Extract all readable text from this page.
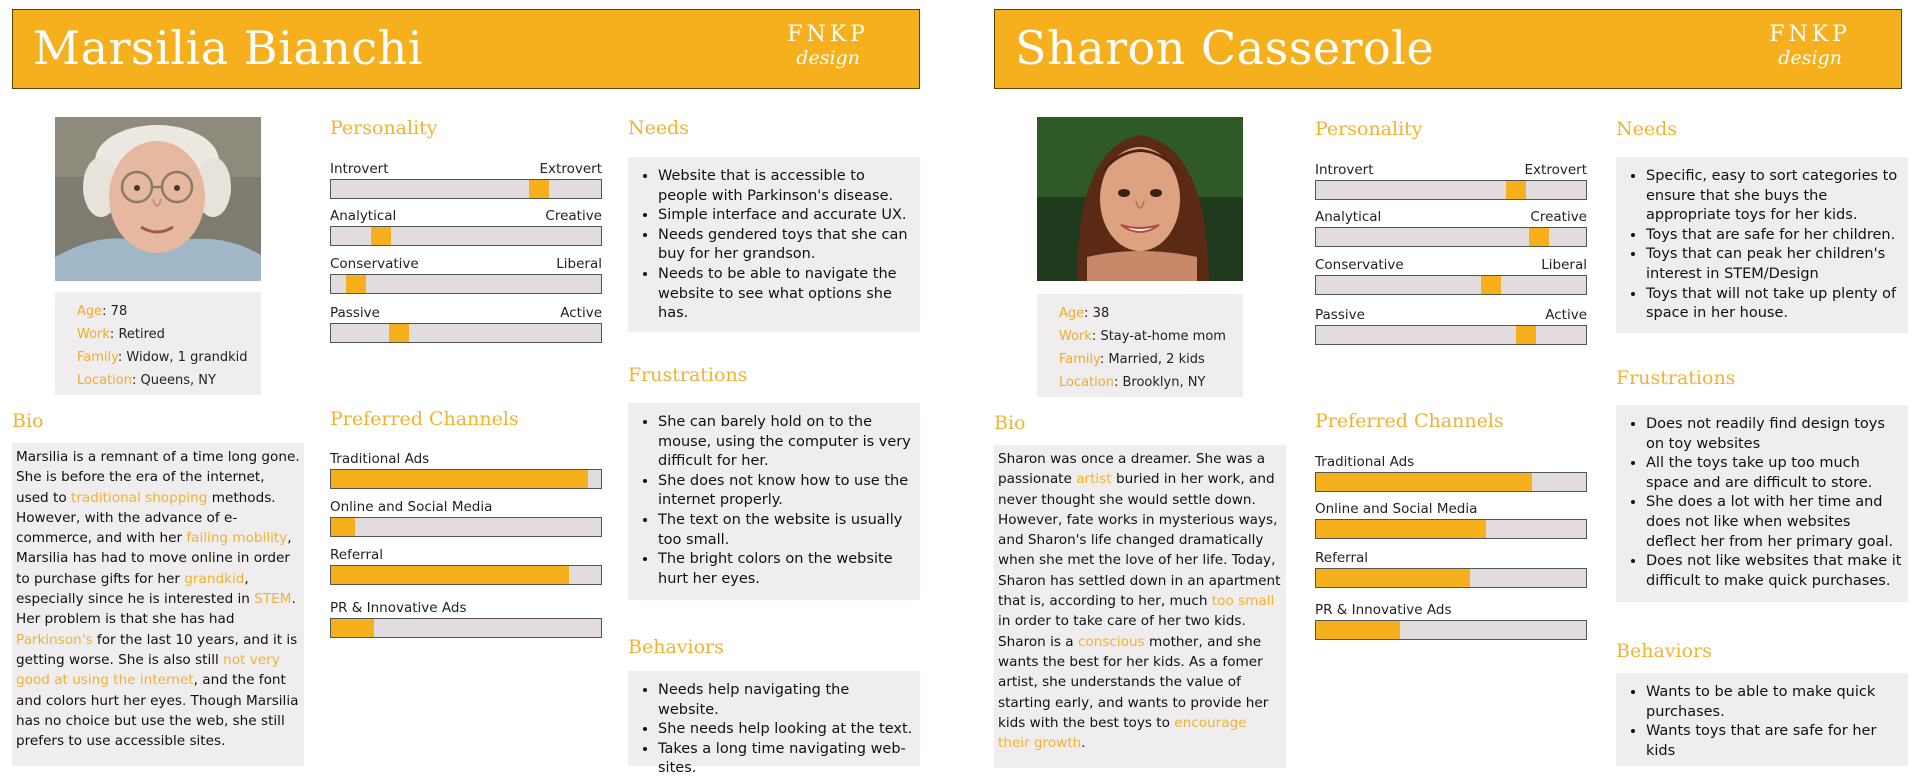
Marsilia Bianchi	FNKP
design
Age: 78
Work: Retired
Family: Widow, 1 grandkid
Location: Queens, NY
Bio
Marsilia is a remnant of a time long gone. She is before the era of the internet, used to traditional shopping methods. However, with the advance of e-commerce, and with her failing mobility, Marsilia has had to move online in order to purchase gifts for her grandkid, especially since he is interested in STEM. Her problem is that she has had Parkinson's for the last 10 years, and it is getting worse. She is also still not very good at using the internet, and the font and colors hurt her eyes. Though Marsilia has no choice but use the web, she still prefers to use accessible sites.
Personality
Introvert	Extrovert
Analytical	Creative
Conservative	Liberal
Passive	Active
Preferred Channels
Traditional Ads
Online and Social Media
Referral
PR & Innovative Ads
Needs
• Website that is accessible to people with Parkinson's disease.
• Simple interface and accurate UX.
• Needs gendered toys that she can buy for her grandson.
• Needs to be able to navigate the website to see what options she has.
Frustrations
• She can barely hold on to the mouse, using the computer is very difficult for her.
• She does not know how to use the internet properly.
• The text on the website is usually too small.
• The bright colors on the website hurt her eyes.
Behaviors
• Needs help navigating the website.
• She needs help looking at the text.
• Takes a long time navigating web-sites.
Sharon Casserole	FNKP
design
Age: 38
Work: Stay-at-home mom
Family: Married, 2 kids
Location: Brooklyn, NY
Bio
Sharon was once a dreamer. She was a passionate artist buried in her work, and never thought she would settle down. However, fate works in mysterious ways, and Sharon's life changed dramatically when she met the love of her life. Today, Sharon has settled down in an apartment that is, according to her, much too small in order to take care of her two kids. Sharon is a conscious mother, and she wants the best for her kids. As a fomer artist, she understands the value of starting early, and wants to provide her kids with the best toys to encourage their growth.
Personality
Introvert	Extrovert
Analytical	Creative
Conservative	Liberal
Passive	Active
Preferred Channels
Traditional Ads
Online and Social Media
Referral
PR & Innovative Ads
Needs
• Specific, easy to sort categories to ensure that she buys the appropriate toys for her kids.
• Toys that are safe for her children.
• Toys that can peak her children's interest in STEM/Design
• Toys that will not take up plenty of space in her house.
Frustrations
• Does not readily find design toys on toy websites
• All the toys take up too much space and are difficult to store.
• She does a lot with her time and does not like when websites deflect her from her primary goal.
• Does not like websites that make it difficult to make quick purchases.
Behaviors
• Wants to be able to make quick purchases.
• Wants toys that are safe for her kids
